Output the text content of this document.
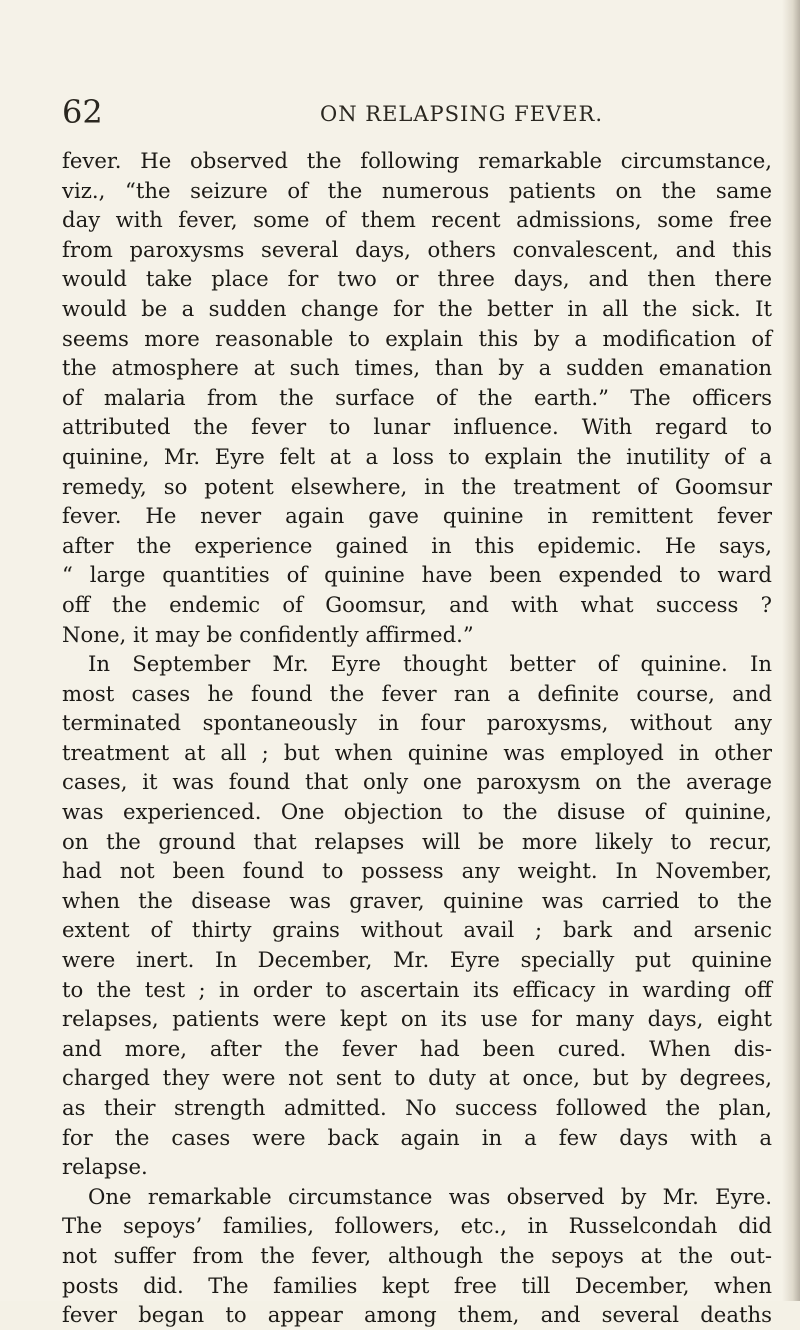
62	ON RELAPSING FEVER.
fever. He observed the following remarkable circumstance,
viz., “the seizure of the numerous patients on the same
day with fever, some of them recent admissions, some free
from paroxysms several days, others convalescent, and this
would take place for two or three days, and then there
would be a sudden change for the better in all the sick. It
seems more reasonable to explain this by a modification of
the atmosphere at such times, than by a sudden emanation
of malaria from the surface of the earth.” The officers
attributed the fever to lunar influence. With regard to
quinine, Mr. Eyre felt at a loss to explain the inutility of a
remedy, so potent elsewhere, in the treatment of Goomsur
fever. He never again gave quinine in remittent fever
after the experience gained in this epidemic. He says,
“ large quantities of quinine have been expended to ward
off the endemic of Goomsur, and with what success ?
None, it may be confidently affirmed.”
In September Mr. Eyre thought better of quinine. In
most cases he found the fever ran a definite course, and
terminated spontaneously in four paroxysms, without any
treatment at all ; but when quinine was employed in other
cases, it was found that only one paroxysm on the average
was experienced. One objection to the disuse of quinine,
on the ground that relapses will be more likely to recur,
had not been found to possess any weight. In November,
when the disease was graver, quinine was carried to the
extent of thirty grains without avail ; bark and arsenic
were inert. In December, Mr. Eyre specially put quinine
to the test ; in order to ascertain its efficacy in warding off
relapses, patients were kept on its use for many days, eight
and more, after the fever had been cured. When dis-
charged they were not sent to duty at once, but by degrees,
as their strength admitted. No success followed the plan,
for the cases were back again in a few days with a
relapse.
One remarkable circumstance was observed by Mr. Eyre.
The sepoys’ families, followers, etc., in Russelcondah did
not suffer from the fever, although the sepoys at the out-
posts did. The families kept free till December, when
fever began to appear among them, and several deaths
